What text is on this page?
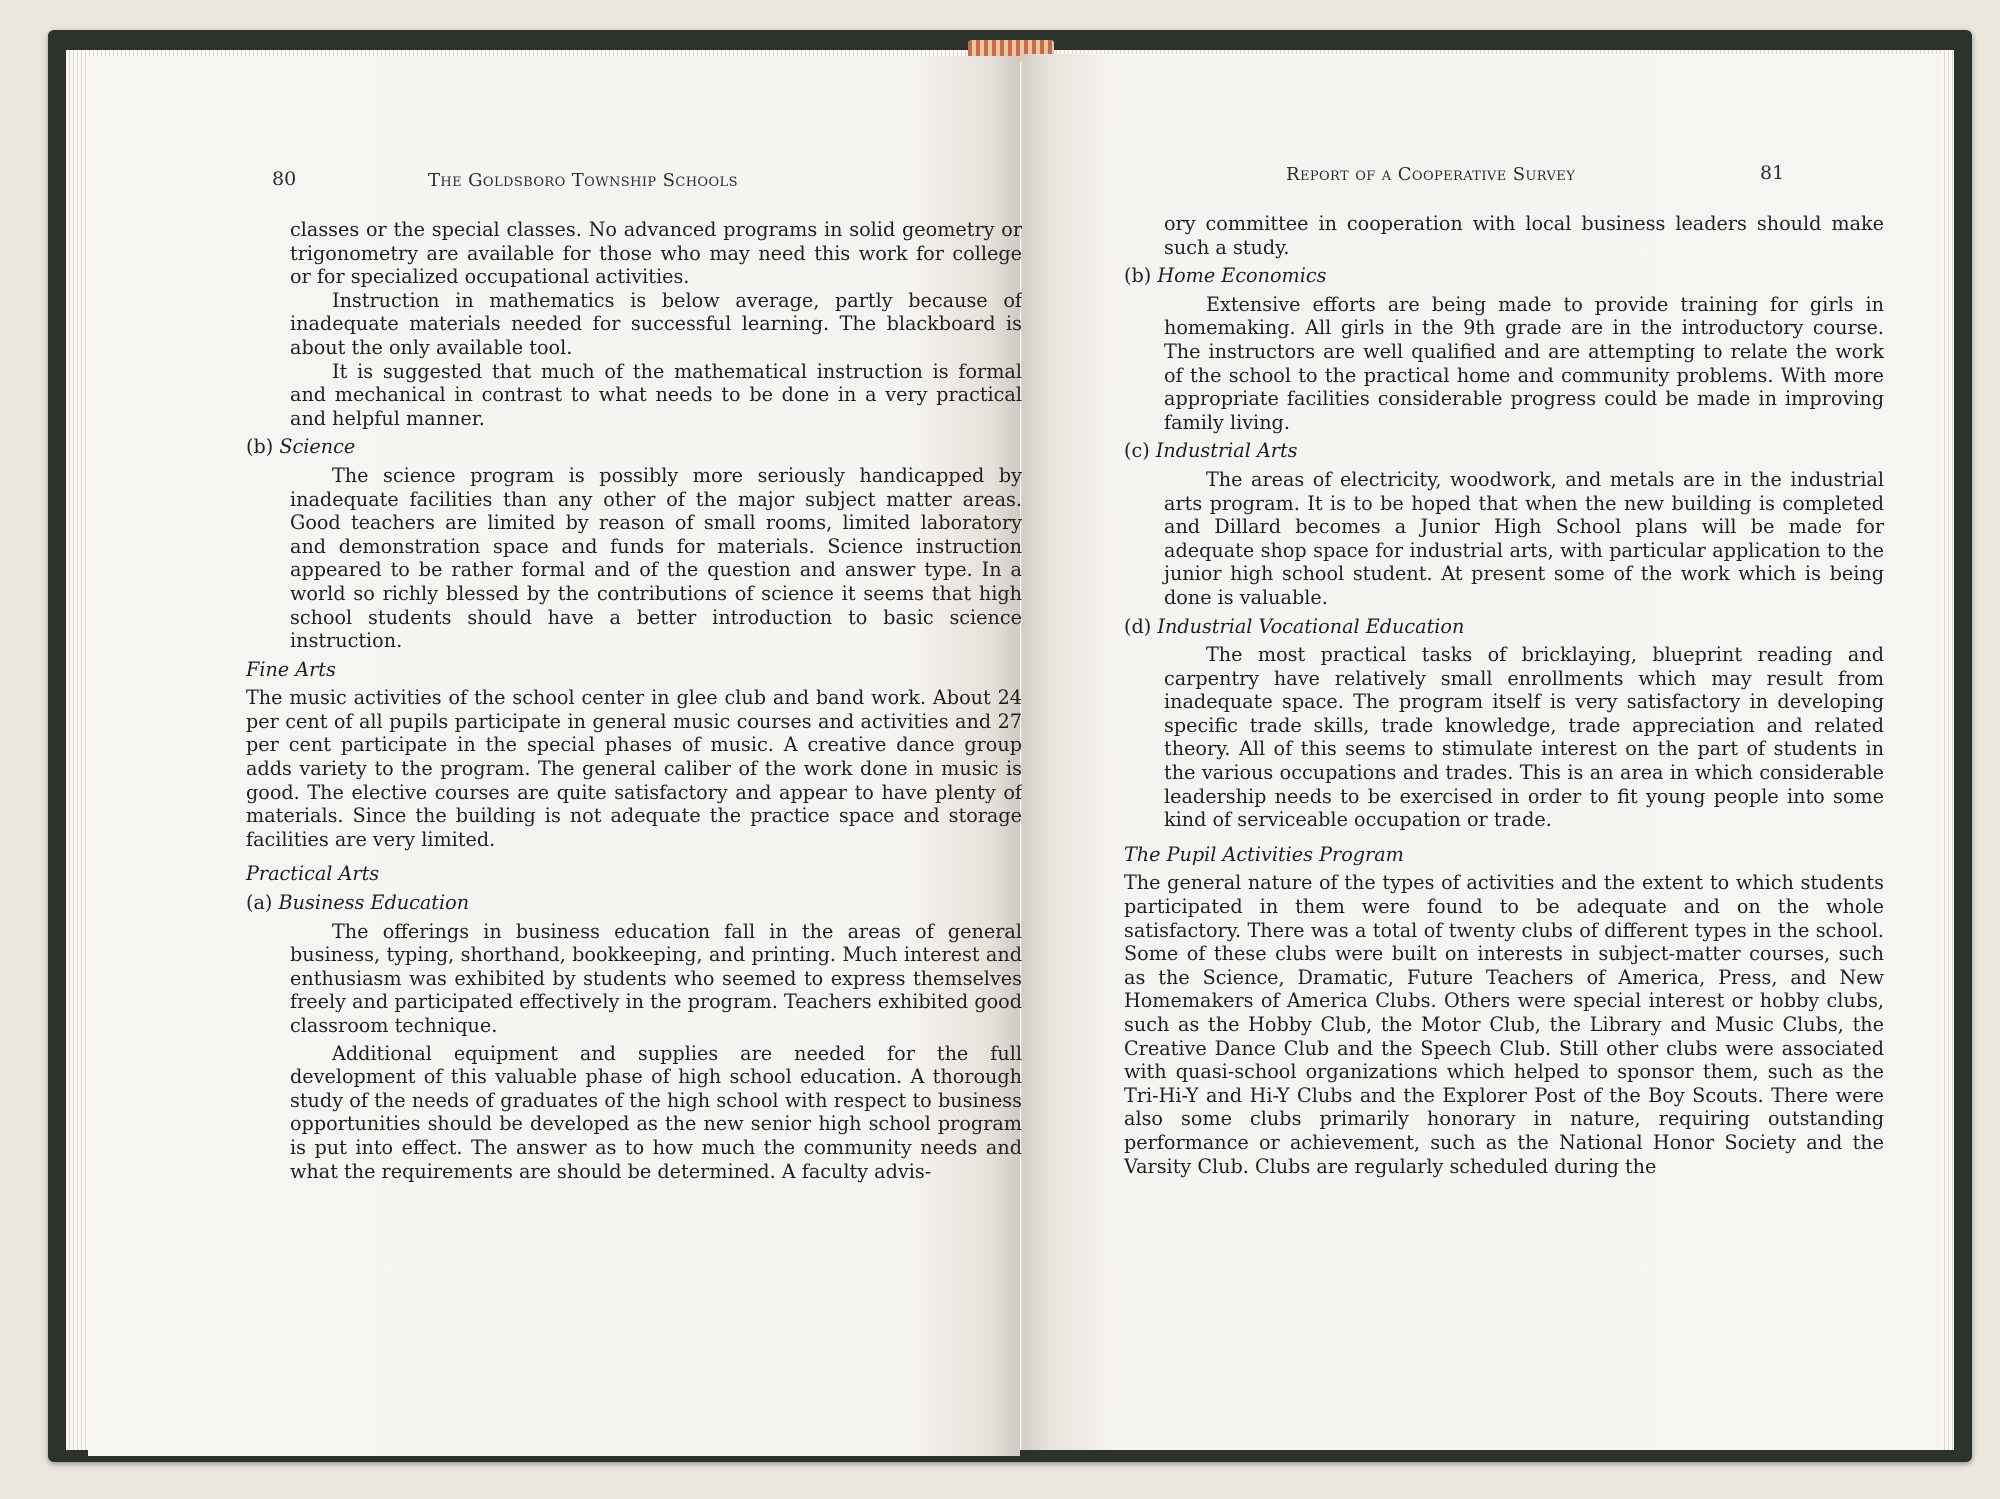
80	The Goldsboro Township Schools

classes or the special classes. No advanced programs in solid geometry or trigonometry are available for those who may need this work for college or for specialized occupational activities.

Instruction in mathematics is below average, partly because of inadequate materials needed for successful learning. The blackboard is about the only available tool.

It is suggested that much of the mathematical instruction is formal and mechanical in contrast to what needs to be done in a very practical and helpful manner.

(b) Science

The science program is possibly more seriously handicapped by inadequate facilities than any other of the major subject matter areas. Good teachers are limited by reason of small rooms, limited laboratory and demonstration space and funds for materials. Science instruction appeared to be rather formal and of the question and answer type. In a world so richly blessed by the contributions of science it seems that high school students should have a better introduction to basic science instruction.

Fine Arts

The music activities of the school center in glee club and band work. About 24 per cent of all pupils participate in general music courses and activities and 27 per cent participate in the special phases of music. A creative dance group adds variety to the program. The general caliber of the work done in music is good. The elective courses are quite satisfactory and appear to have plenty of materials. Since the building is not adequate the practice space and storage facilities are very limited.

Practical Arts
(a) Business Education

The offerings in business education fall in the areas of general business, typing, shorthand, bookkeeping, and printing. Much interest and enthusiasm was exhibited by students who seemed to express themselves freely and participated effectively in the program. Teachers exhibited good classroom technique.

Additional equipment and supplies are needed for the full development of this valuable phase of high school education. A thorough study of the needs of graduates of the high school with respect to business opportunities should be developed as the new senior high school program is put into effect. The answer as to how much the community needs and what the requirements are should be determined. A faculty advis-

Report of a Cooperative Survey	81

ory committee in cooperation with local business leaders should make such a study.

(b) Home Economics

Extensive efforts are being made to provide training for girls in homemaking. All girls in the 9th grade are in the introductory course. The instructors are well qualified and are attempting to relate the work of the school to the practical home and community problems. With more appropriate facilities considerable progress could be made in improving family living.

(c) Industrial Arts

The areas of electricity, woodwork, and metals are in the industrial arts program. It is to be hoped that when the new building is completed and Dillard becomes a Junior High School plans will be made for adequate shop space for industrial arts, with particular application to the junior high school student. At present some of the work which is being done is valuable.

(d) Industrial Vocational Education

The most practical tasks of bricklaying, blueprint reading and carpentry have relatively small enrollments which may result from inadequate space. The program itself is very satisfactory in developing specific trade skills, trade knowledge, trade appreciation and related theory. All of this seems to stimulate interest on the part of students in the various occupations and trades. This is an area in which considerable leadership needs to be exercised in order to fit young people into some kind of serviceable occupation or trade.

The Pupil Activities Program

The general nature of the types of activities and the extent to which students participated in them were found to be adequate and on the whole satisfactory. There was a total of twenty clubs of different types in the school. Some of these clubs were built on interests in subject-matter courses, such as the Science, Dramatic, Future Teachers of America, Press, and New Homemakers of America Clubs. Others were special interest or hobby clubs, such as the Hobby Club, the Motor Club, the Library and Music Clubs, the Creative Dance Club and the Speech Club. Still other clubs were associated with quasi-school organizations which helped to sponsor them, such as the Tri-Hi-Y and Hi-Y Clubs and the Explorer Post of the Boy Scouts. There were also some clubs primarily honorary in nature, requiring outstanding performance or achievement, such as the National Honor Society and the Varsity Club. Clubs are regularly scheduled during the
